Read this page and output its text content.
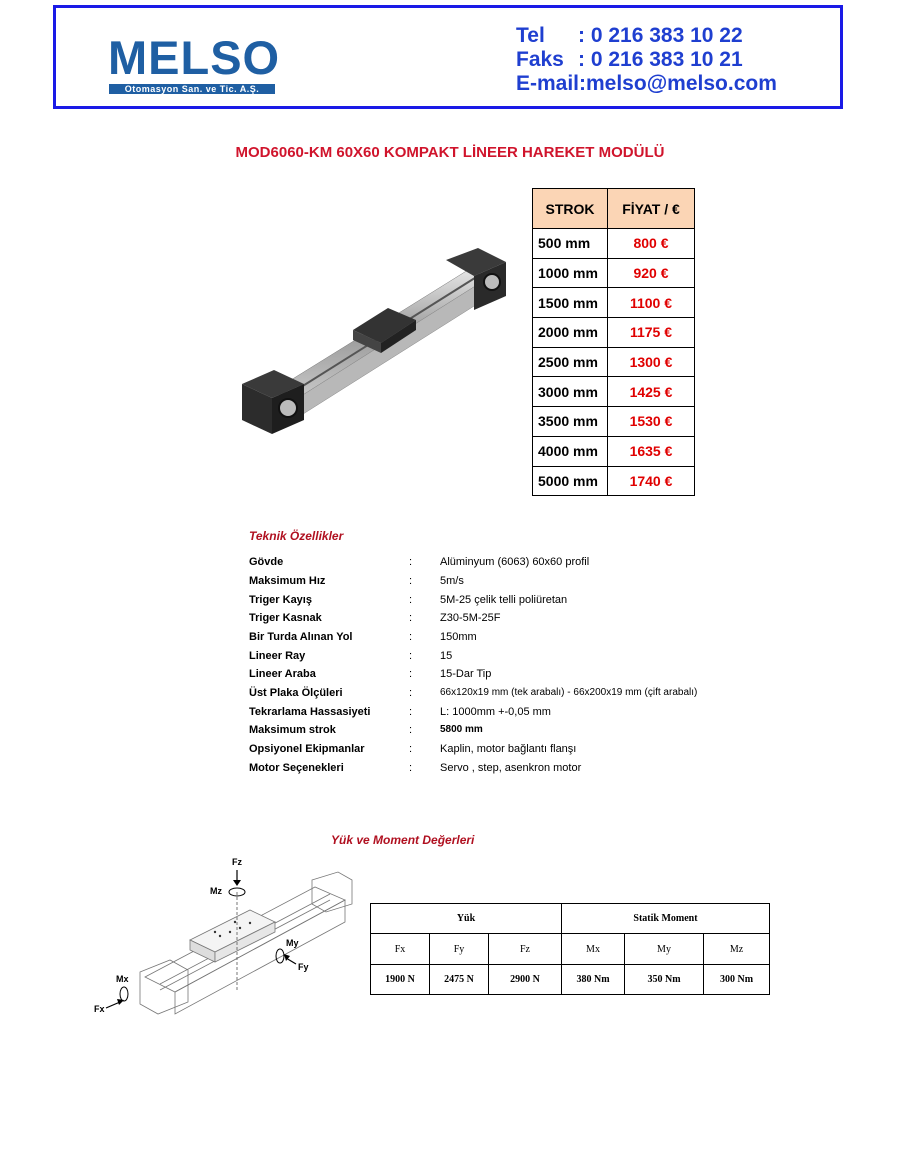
MELSO
Otomasyon San. ve Tic. A.Ş.
Tel : 0 216 383 10 22
Faks : 0 216 383 10 21
E-mail:melso@melso.com
MOD6060-KM 60X60 KOMPAKT LİNEER HAREKET MODÜLÜ
STROK	FİYAT / €
500 mm	800 €
1000 mm	920 €
1500 mm	1100 €
2000 mm	1175 €
2500 mm	1300 €
3000 mm	1425 €
3500 mm	1530 €
4000 mm	1635 €
5000 mm	1740 €
Teknik Özellikler
Gövde	:	Alüminyum (6063) 60x60 profil
Maksimum Hız	:	5m/s
Triger Kayış	:	5M-25 çelik telli poliüretan
Triger Kasnak	:	Z30-5M-25F
Bir Turda Alınan Yol	:	150mm
Lineer Ray	:	15
Lineer Araba	:	15-Dar Tip
Üst Plaka Ölçüleri	:	66x120x19 mm (tek arabalı) - 66x200x19 mm (çift arabalı)
Tekrarlama Hassasiyeti	:	L: 1000mm +-0,05 mm
Maksimum strok	:	5800 mm
Opsiyonel Ekipmanlar	:	Kaplin, motor bağlantı flanşı
Motor Seçenekleri	:	Servo , step, asenkron motor
Yük ve Moment Değerleri
Fz
Mz
My
Fy
Mx
Fx
Yük			Statik Moment		
Fx	Fy	Fz	Mx	My	Mz
1900 N	2475 N	2900 N	380 Nm	350 Nm	300 Nm
